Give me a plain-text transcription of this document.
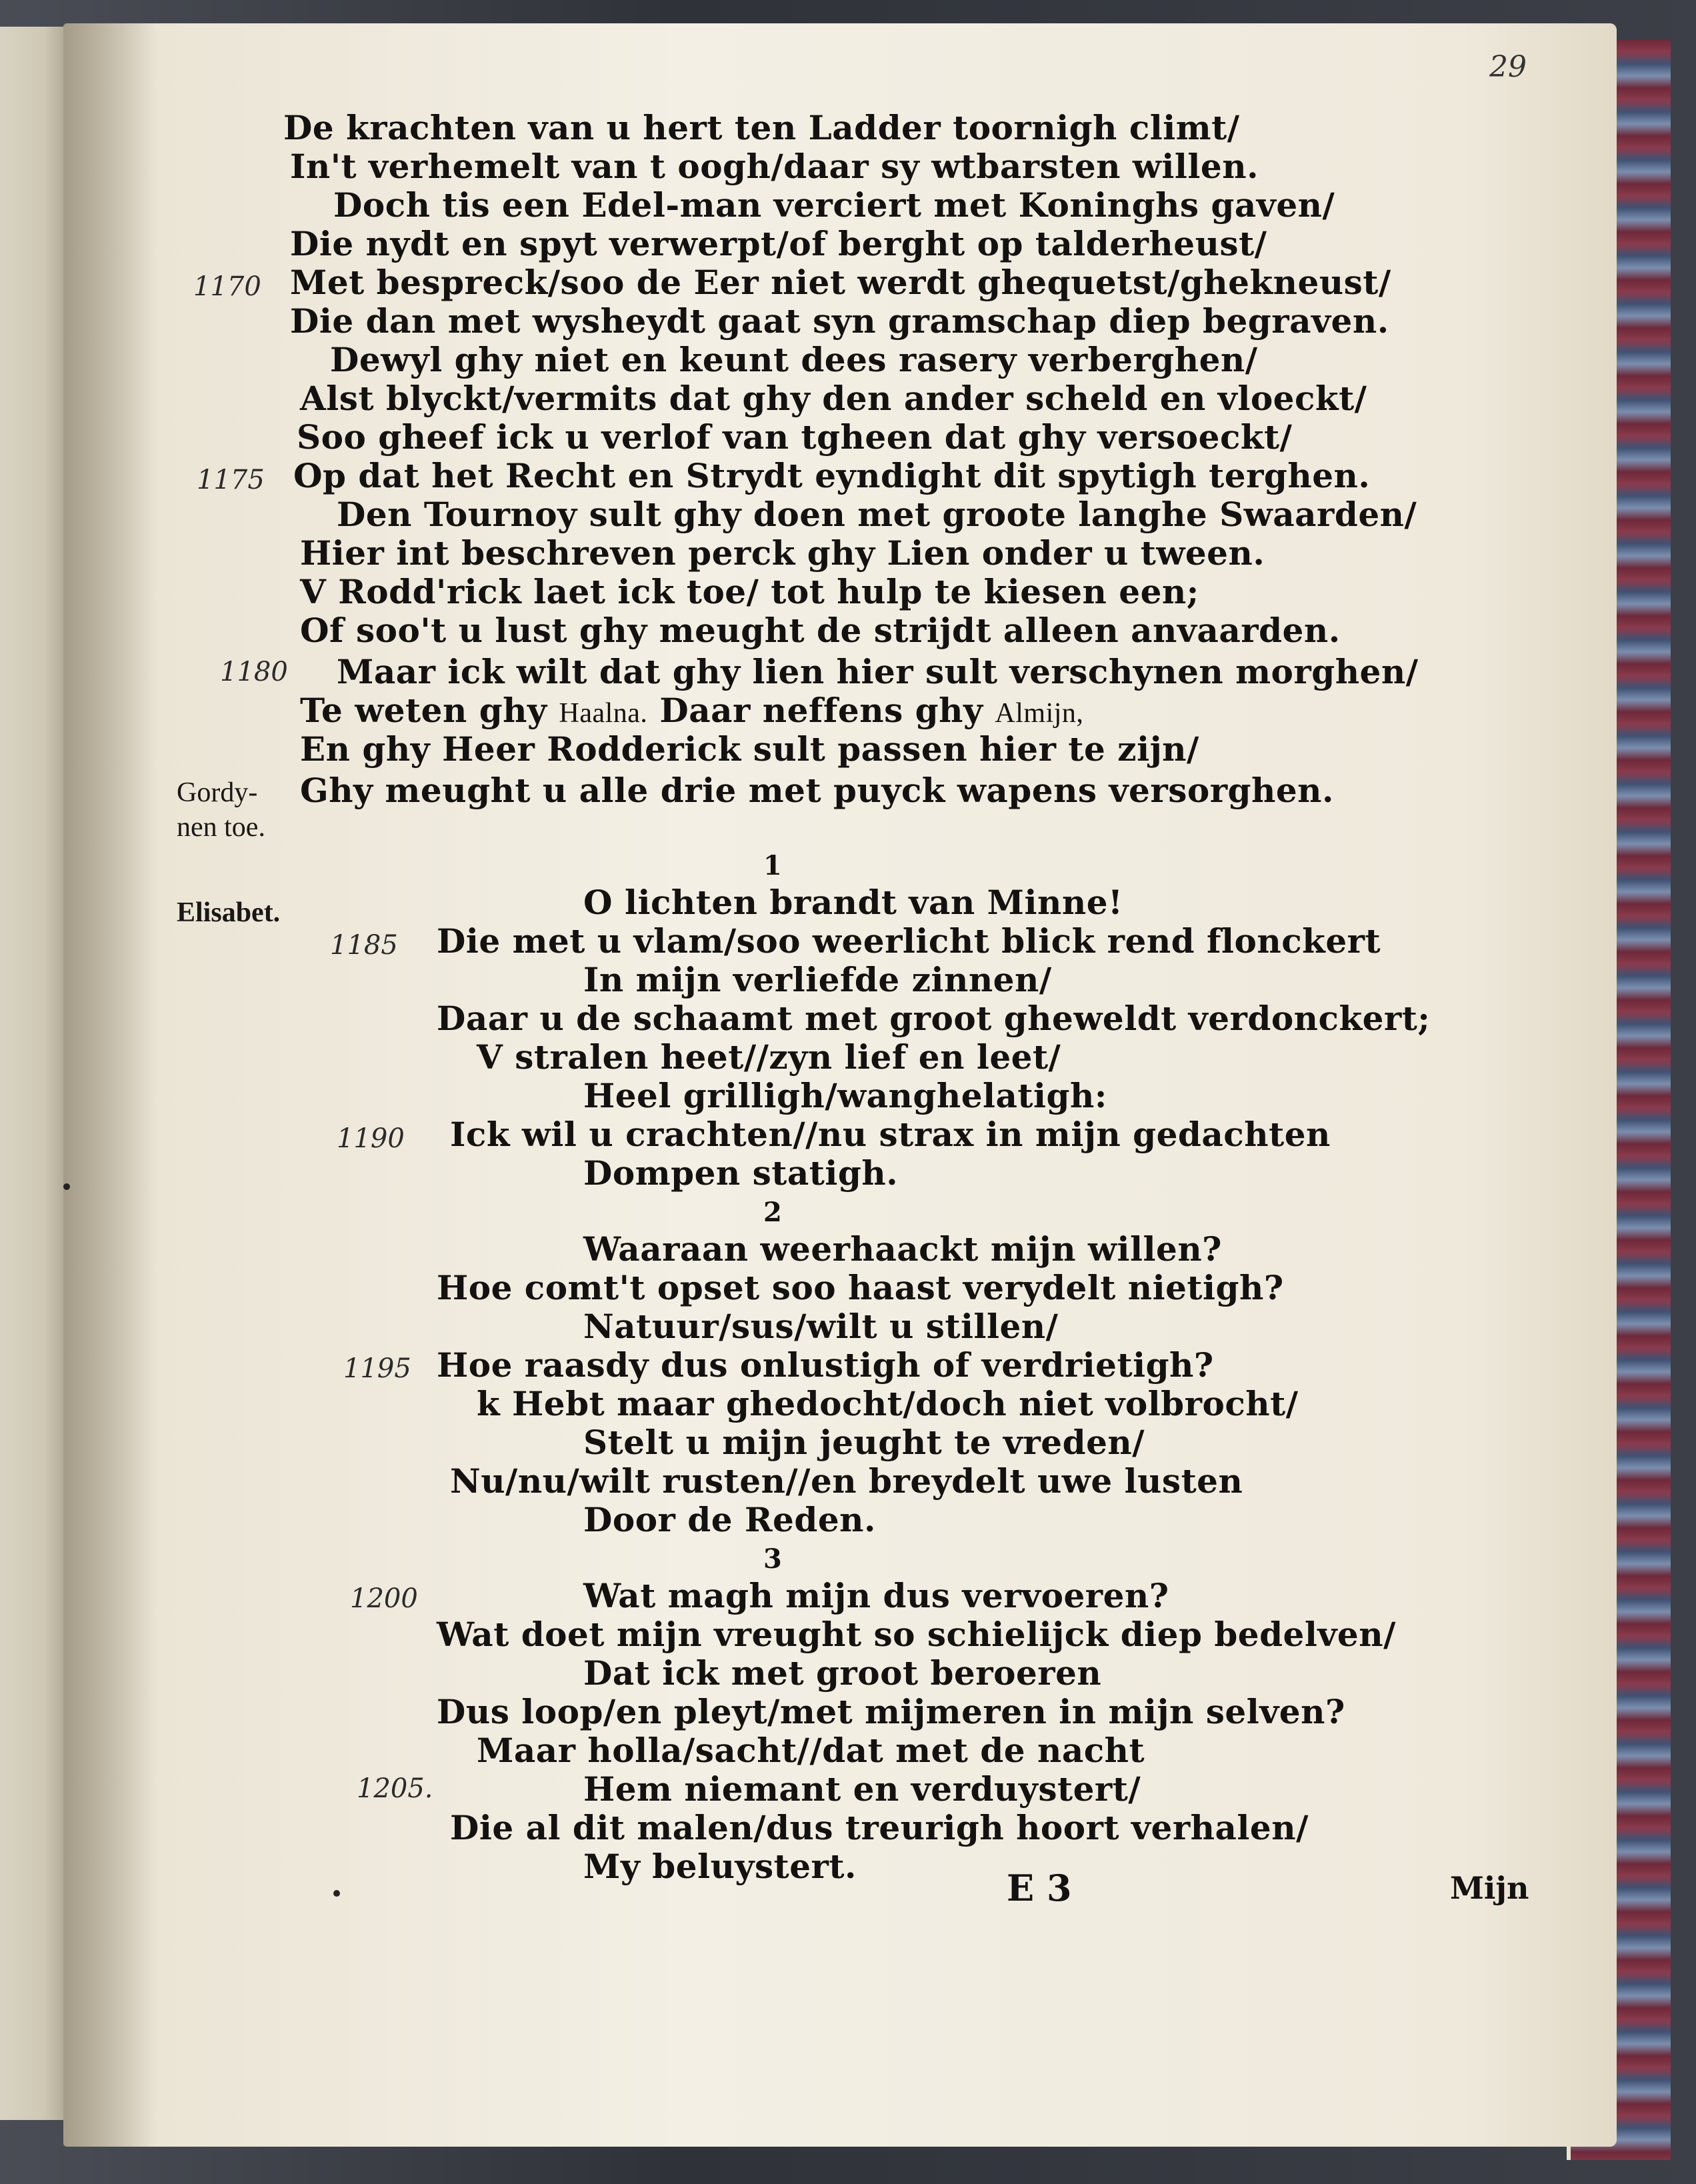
29
De krachten van u hert ten Ladder toornigh climt/
In't verhemelt van t oogh/daar sy wtbarsten willen.
Doch tis een Edel-man verciert met Koninghs gaven/
Die nydt en spyt verwerpt/of berght op talderheust/
Met bespreck/soo de Eer niet werdt ghequetst/ghekneust/
Die dan met wysheydt gaat syn gramschap diep begraven.
Dewyl ghy niet en keunt dees rasery verberghen/
Alst blyckt/vermits dat ghy den ander scheld en vloeckt/
Soo gheef ick u verlof van tgheen dat ghy versoeckt/
Op dat het Recht en Strydt eyndight dit spytigh terghen.
Den Tournoy sult ghy doen met groote langhe Swaarden/
Hier int beschreven perck ghy Lien onder u tween.
V Rodd'rick laet ick toe/ tot hulp te kiesen een;
Of soo't u lust ghy meught de strijdt alleen anvaarden.
Maar ick wilt dat ghy lien hier sult verschynen morghen/
Te weten ghy Haalna. Daar neffens ghy Almijn,
En ghy Heer Rodderick sult passen hier te zijn/
Ghy meught u alle drie met puyck wapens versorghen.
Gordy-
nen toe.
Elisabet.
1
O lichten brandt van Minne!
Die met u vlam/soo weerlicht blick rend flonckert
In mijn verliefde zinnen/
Daar u de schaamt met groot gheweldt verdonckert;
V stralen heet//zyn lief en leet/
Heel grilligh/wanghelatigh:
Ick wil u crachten//nu strax in mijn gedachten
Dompen statigh.
2
Waaraan weerhaackt mijn willen?
Hoe comt't opset soo haast verydelt nietigh?
Natuur/sus/wilt u stillen/
Hoe raasdy dus onlustigh of verdrietigh?
k Hebt maar ghedocht/doch niet volbrocht/
Stelt u mijn jeught te vreden/
Nu/nu/wilt rusten//en breydelt uwe lusten
Door de Reden.
3
Wat magh mijn dus vervoeren?
Wat doet mijn vreught so schielijck diep bedelven/
Dat ick met groot beroeren
Dus loop/en pleyt/met mijmeren in mijn selven?
Maar holla/sacht//dat met de nacht
Hem niemant en verduystert/
Die al dit malen/dus treurigh hoort verhalen/
My beluystert.
1170
1175
1180
1185
1190
1195
1200
1205.
E 3	Mijn
